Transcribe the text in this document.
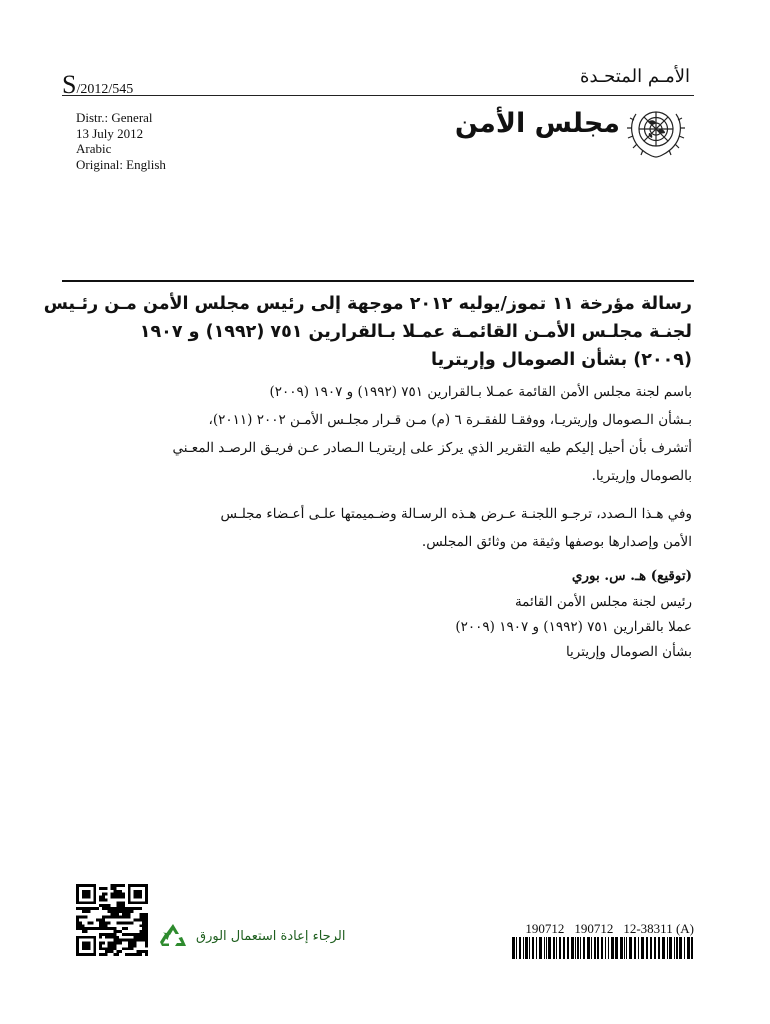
S/2012/545
الأمـم المتحـدة
Distr.: General
13 July 2012
Arabic
Original: English
مجلس الأمن
رسالة مؤرخة ١١ تموز/يوليه ٢٠١٢ موجهة إلى رئيس مجلس الأمن مـن رئـيس
لجنـة مجلـس الأمـن القائمـة عمـلا بـالقرارين ٧٥١ (١٩٩٢) و ١٩٠٧
(٢٠٠٩) بشأن الصومال وإريتريا
باسم لجنة مجلس الأمن القائمة عمـلا بـالقرارين ٧٥١ (١٩٩٢) و ١٩٠٧ (٢٠٠٩)
بـشأن الـصومال وإريتريـا، ووفقـا للفقـرة ٦ (م) مـن قـرار مجلـس الأمـن ٢٠٠٢ (٢٠١١)،
أتشرف بأن أحيل إليكم طيه التقرير الذي يركز على إريتريـا الـصادر عـن فريـق الرصـد المعـني
بالصومال وإريتريا.
وفي هـذا الـصدد، ترجـو اللجنـة عـرض هـذه الرسـالة وضـميمتها علـى أعـضاء مجلـس
الأمن وإصدارها بوصفها وثيقة من وثائق المجلس.
(توقيع) هـ. س. بوري
رئيس لجنة مجلس الأمن القائمة
عملا بالقرارين ٧٥١ (١٩٩٢) و ١٩٠٧ (٢٠٠٩)
بشأن الصومال وإريتريا
الرجاء إعادة استعمال الورق
190712 190712 12-38311 (A)
